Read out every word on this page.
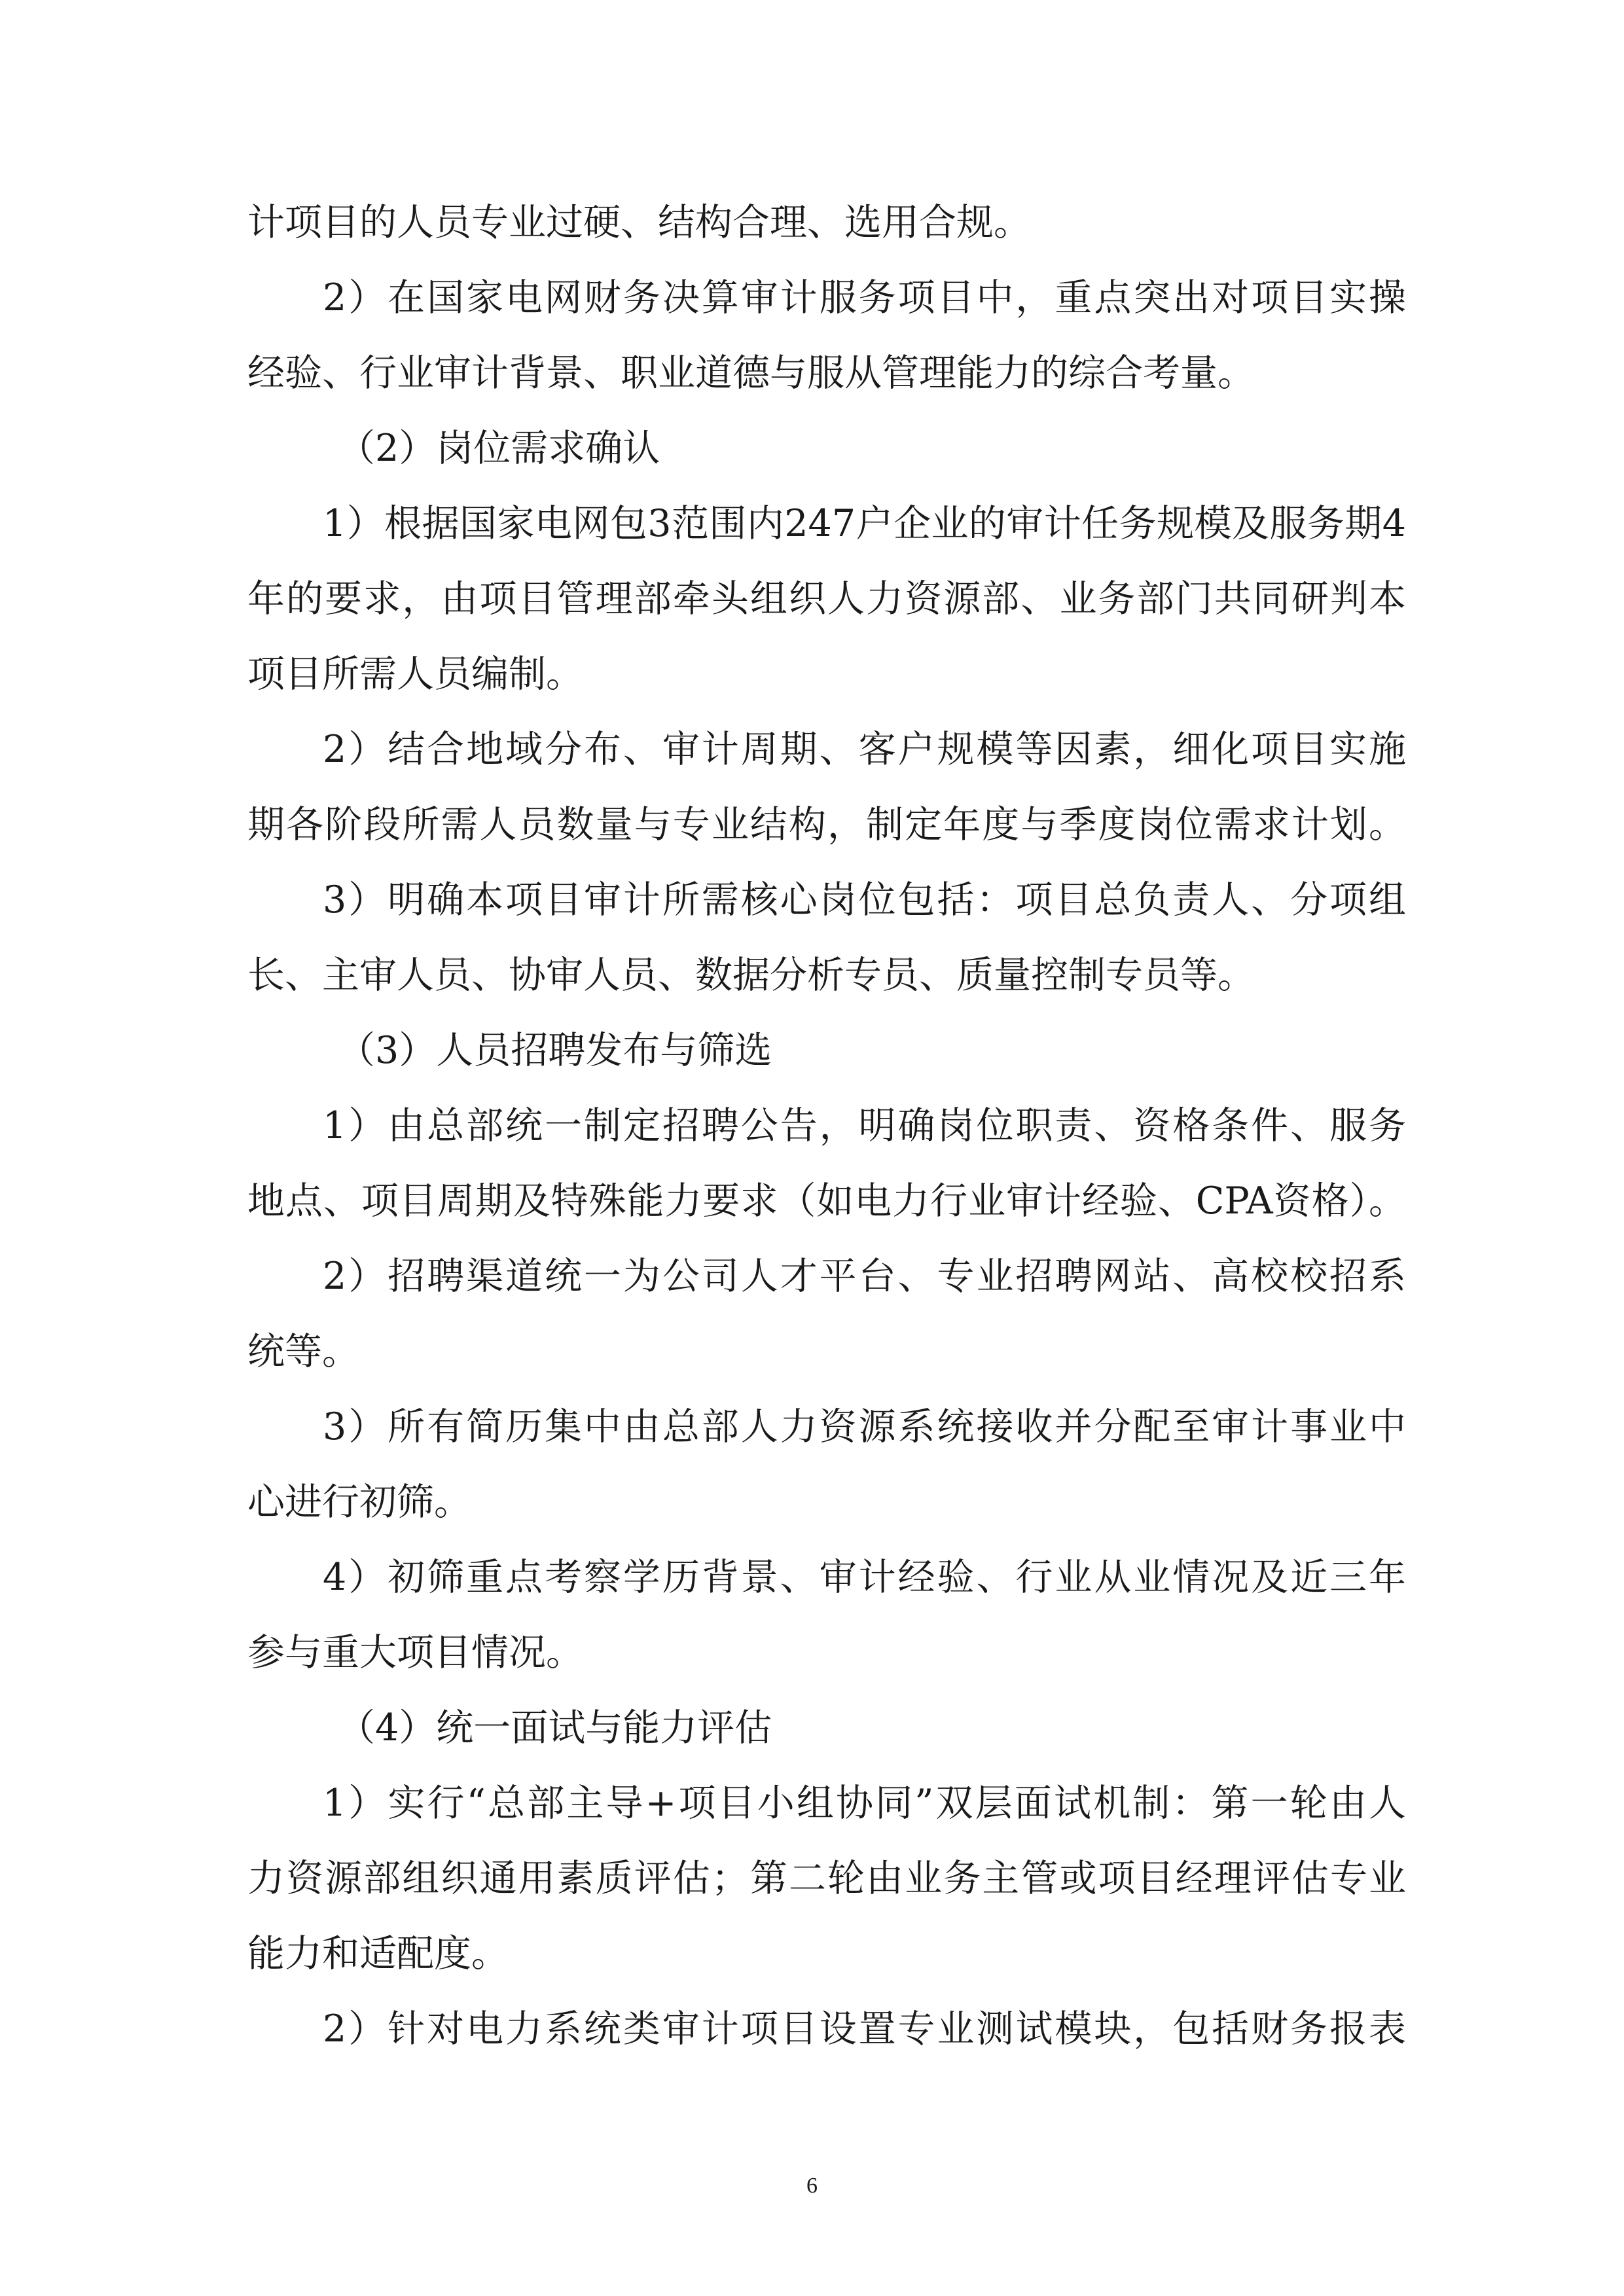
计项目的人员专业过硬、结构合理、选用合规。
2）在国家电网财务决算审计服务项目中，重点突出对项目实操
经验、行业审计背景、职业道德与服从管理能力的综合考量。
（2）岗位需求确认
1）根据国家电网包3范围内247户企业的审计任务规模及服务期4
年的要求，由项目管理部牵头组织人力资源部、业务部门共同研判本
项目所需人员编制。
2）结合地域分布、审计周期、客户规模等因素，细化项目实施
期各阶段所需人员数量与专业结构，制定年度与季度岗位需求计划。
3）明确本项目审计所需核心岗位包括：项目总负责人、分项组
长、主审人员、协审人员、数据分析专员、质量控制专员等。
（3）人员招聘发布与筛选
1）由总部统一制定招聘公告，明确岗位职责、资格条件、服务
地点、项目周期及特殊能力要求（如电力行业审计经验、CPA资格）。
2）招聘渠道统一为公司人才平台、专业招聘网站、高校校招系
统等。
3）所有简历集中由总部人力资源系统接收并分配至审计事业中
心进行初筛。
4）初筛重点考察学历背景、审计经验、行业从业情况及近三年
参与重大项目情况。
（4）统一面试与能力评估
1）实行“总部主导+项目小组协同”双层面试机制：第一轮由人
力资源部组织通用素质评估；第二轮由业务主管或项目经理评估专业
能力和适配度。
2）针对电力系统类审计项目设置专业测试模块，包括财务报表
6
